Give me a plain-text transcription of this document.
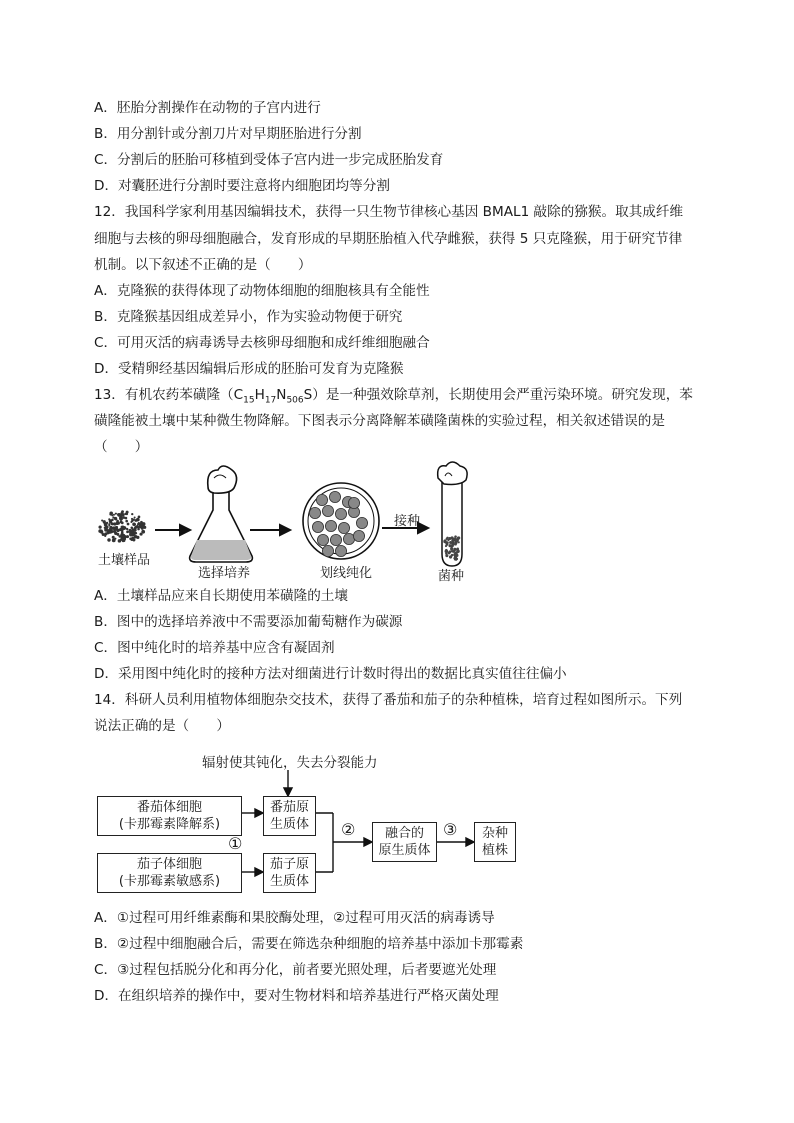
A．胚胎分割操作在动物的子宫内进行
B．用分割针或分割刀片对早期胚胎进行分割
C．分割后的胚胎可移植到受体子宫内进一步完成胚胎发育
D．对囊胚进行分割时要注意将内细胞团均等分割
12．我国科学家利用基因编辑技术，获得一只生物节律核心基因 BMAL1 敲除的猕猴。取其成纤维
细胞与去核的卵母细胞融合，发育形成的早期胚胎植入代孕雌猴，获得 5 只克隆猴，用于研究节律
机制。以下叙述不正确的是（　　）
A．克隆猴的获得体现了动物体细胞的细胞核具有全能性
B．克隆猴基因组成差异小，作为实验动物便于研究
C．可用灭活的病毒诱导去核卵母细胞和成纤维细胞融合
D．受精卵经基因编辑后形成的胚胎可发育为克隆猴
13．有机农药苯磺隆$(C_{15}H_{17}N_{506}S)$是一种强效除草剂，长期使用会严重污染环境。研究发现，苯
磺隆能被土壤中某种微生物降解。下图表示分离降解苯磺隆菌株的实验过程，相关叙述错误的是
（　　）
土壤样品
选择培养	划线纯化
接种
菌种
A．土壤样品应来自长期使用苯磺隆的土壤
B．图中的选择培养液中不需要添加葡萄糖作为碳源
C．图中纯化时的培养基中应含有凝固剂
D．采用图中纯化时的接种方法对细菌进行计数时得出的数据比真实值往往偏小
14．科研人员利用植物体细胞杂交技术，获得了番茄和茄子的杂种植株，培育过程如图所示。下列
说法正确的是（　　）
辐射使其钝化，失去分裂能力
番茄体细胞
(卡那霉素降解系)
茄子体细胞
(卡那霉素敏感系)
番茄原
生质体
茄子原
生质体
融合的
原生质体
杂种
植株
①
②	③
A．①过程可用纤维素酶和果胶酶处理，②过程可用灭活的病毒诱导
B．②过程中细胞融合后，需要在筛选杂种细胞的培养基中添加卡那霉素
C．③过程包括脱分化和再分化，前者要光照处理，后者要遮光处理
D．在组织培养的操作中，要对生物材料和培养基进行严格灭菌处理
